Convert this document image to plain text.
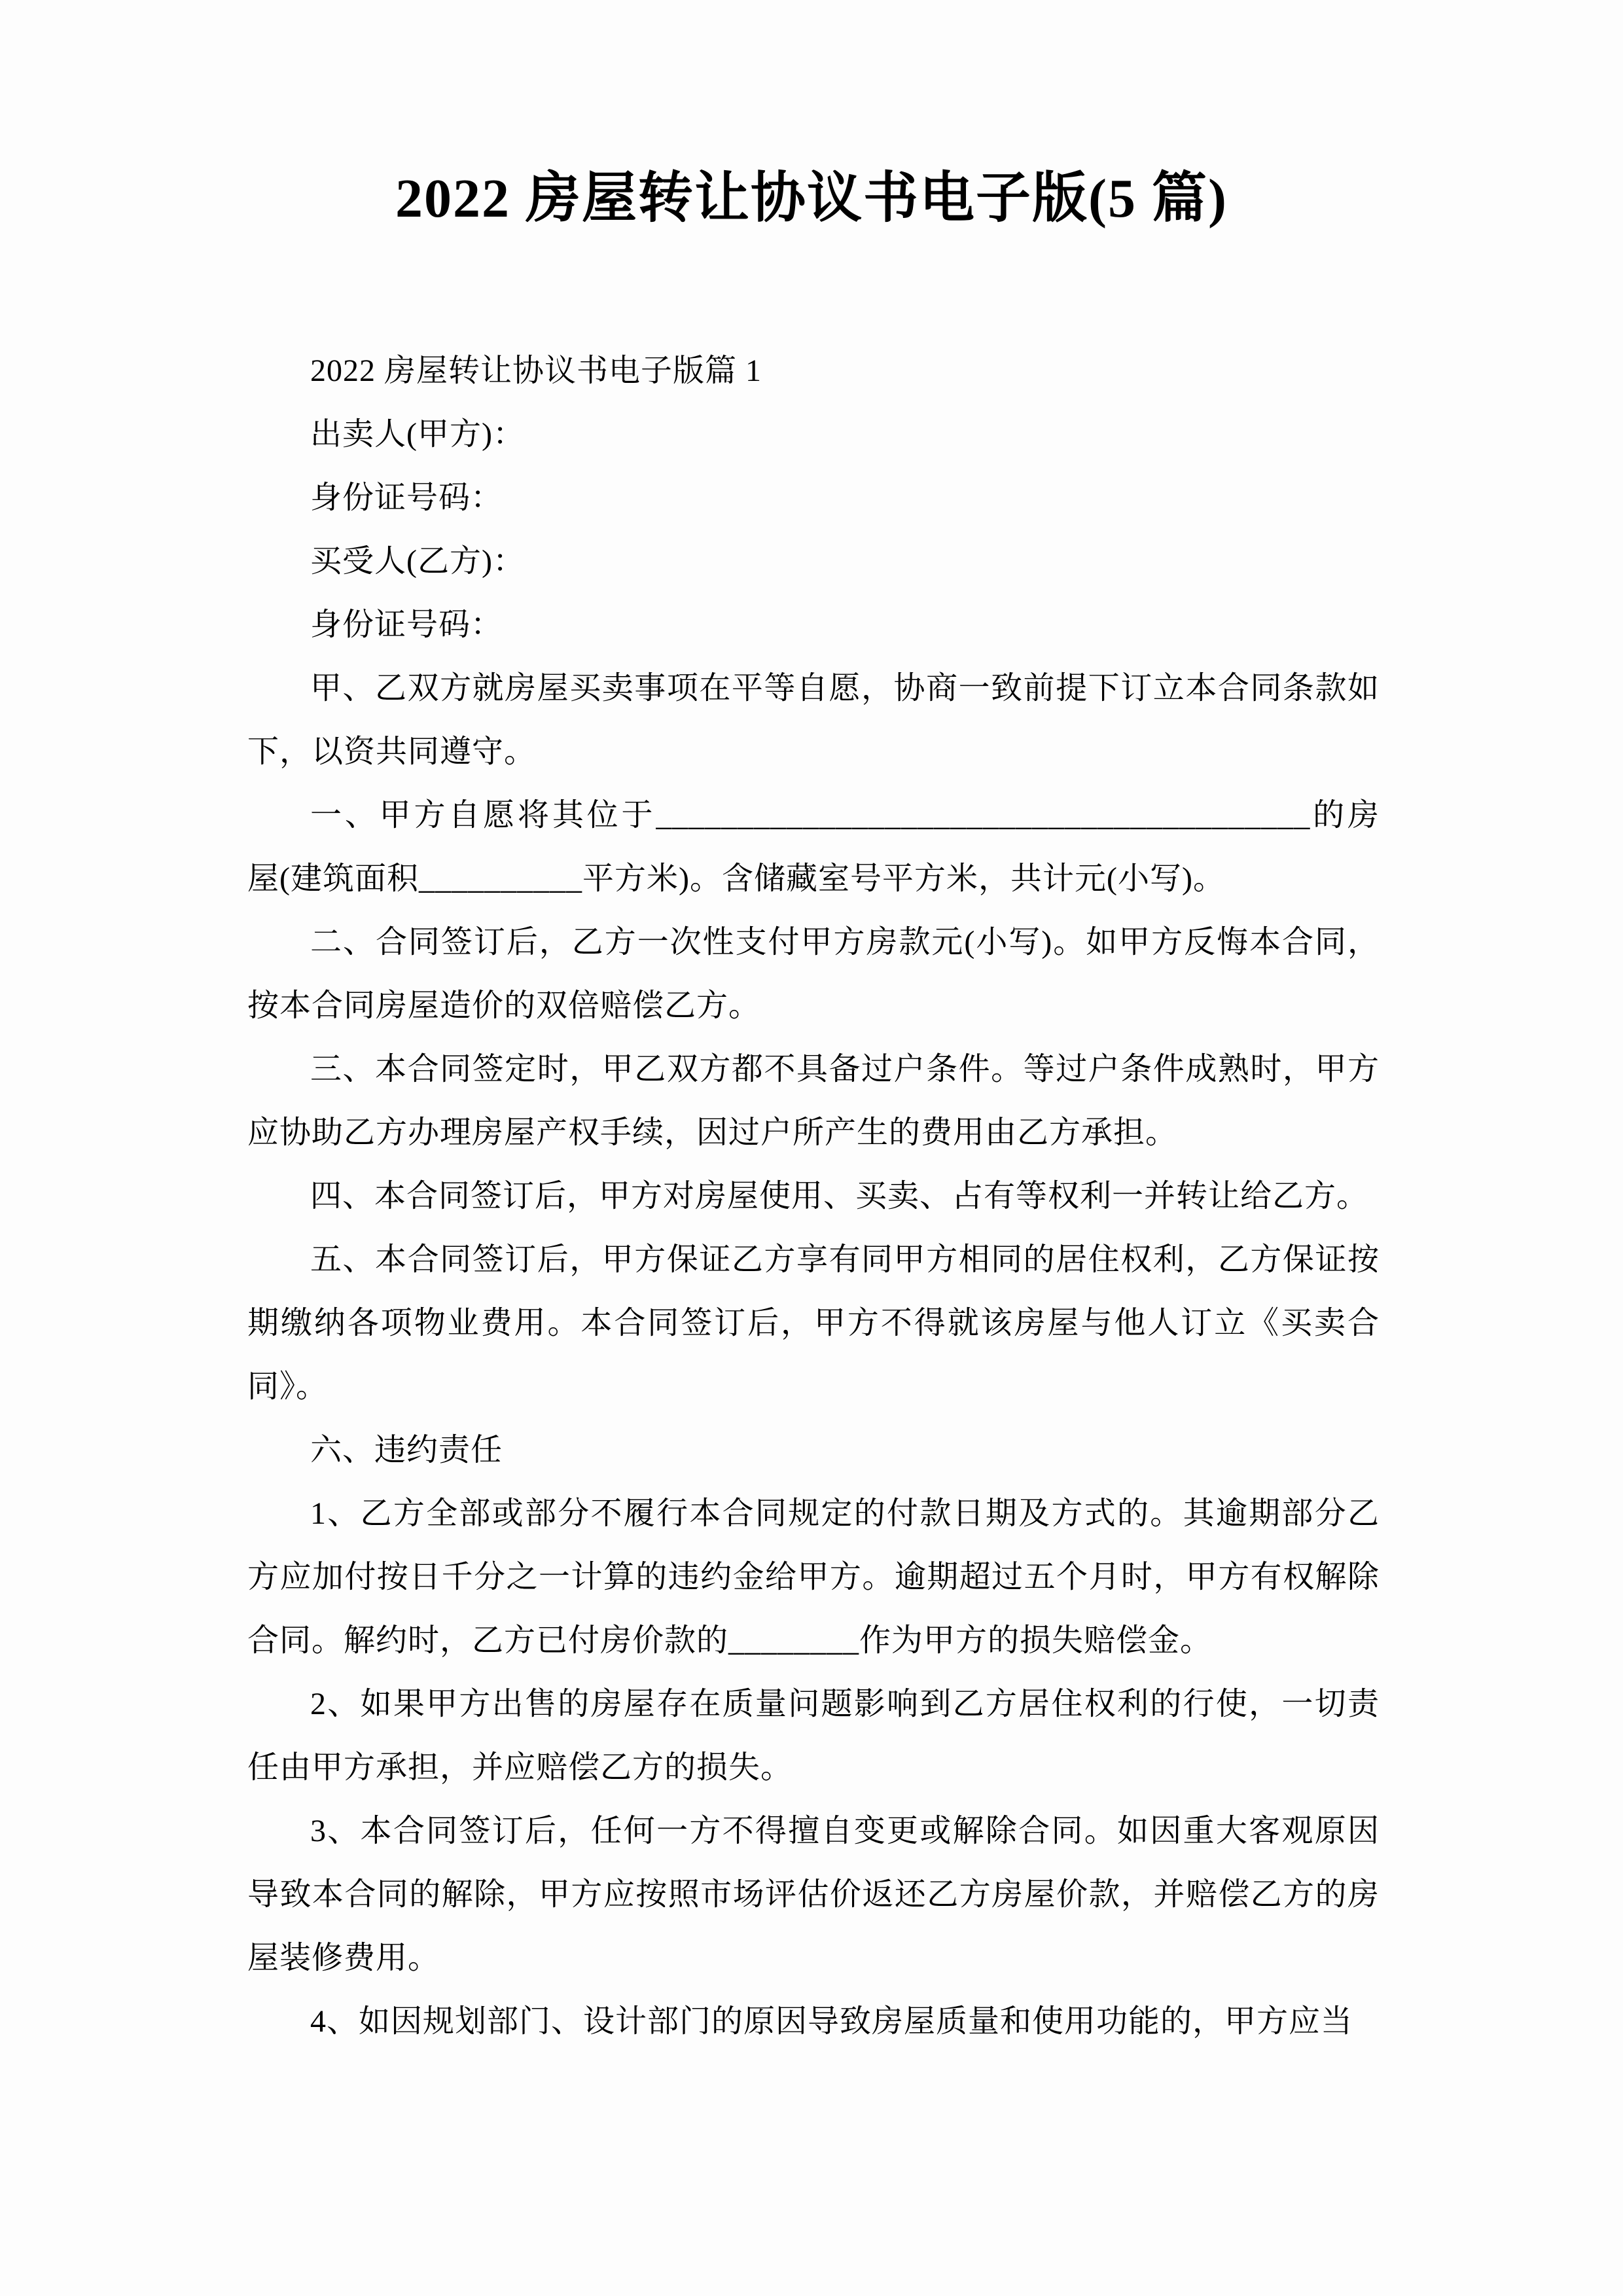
2022 房屋转让协议书电子版(5 篇)

2022 房屋转让协议书电子版篇 1

出卖人(甲方)：

身份证号码：

买受人(乙方)：

身份证号码：

甲、乙双方就房屋买卖事项在平等自愿，协商一致前提下订立本合同条款如下，以资共同遵守。

一、甲方自愿将其位于________________________________________的房屋(建筑面积__________平方米)。含储藏室号平方米，共计元(小写)。

二、合同签订后，乙方一次性支付甲方房款元(小写)。如甲方反悔本合同，按本合同房屋造价的双倍赔偿乙方。

三、本合同签定时，甲乙双方都不具备过户条件。等过户条件成熟时，甲方应协助乙方办理房屋产权手续，因过户所产生的费用由乙方承担。

四、本合同签订后，甲方对房屋使用、买卖、占有等权利一并转让给乙方。

五、本合同签订后，甲方保证乙方享有同甲方相同的居住权利，乙方保证按期缴纳各项物业费用。本合同签订后，甲方不得就该房屋与他人订立《买卖合同》。

六、违约责任

1、乙方全部或部分不履行本合同规定的付款日期及方式的。其逾期部分乙方应加付按日千分之一计算的违约金给甲方。逾期超过五个月时，甲方有权解除合同。解约时，乙方已付房价款的________作为甲方的损失赔偿金。

2、如果甲方出售的房屋存在质量问题影响到乙方居住权利的行使，一切责任由甲方承担，并应赔偿乙方的损失。

3、本合同签订后，任何一方不得擅自变更或解除合同。如因重大客观原因导致本合同的解除，甲方应按照市场评估价返还乙方房屋价款，并赔偿乙方的房屋装修费用。

4、如因规划部门、设计部门的原因导致房屋质量和使用功能的，甲方应当
